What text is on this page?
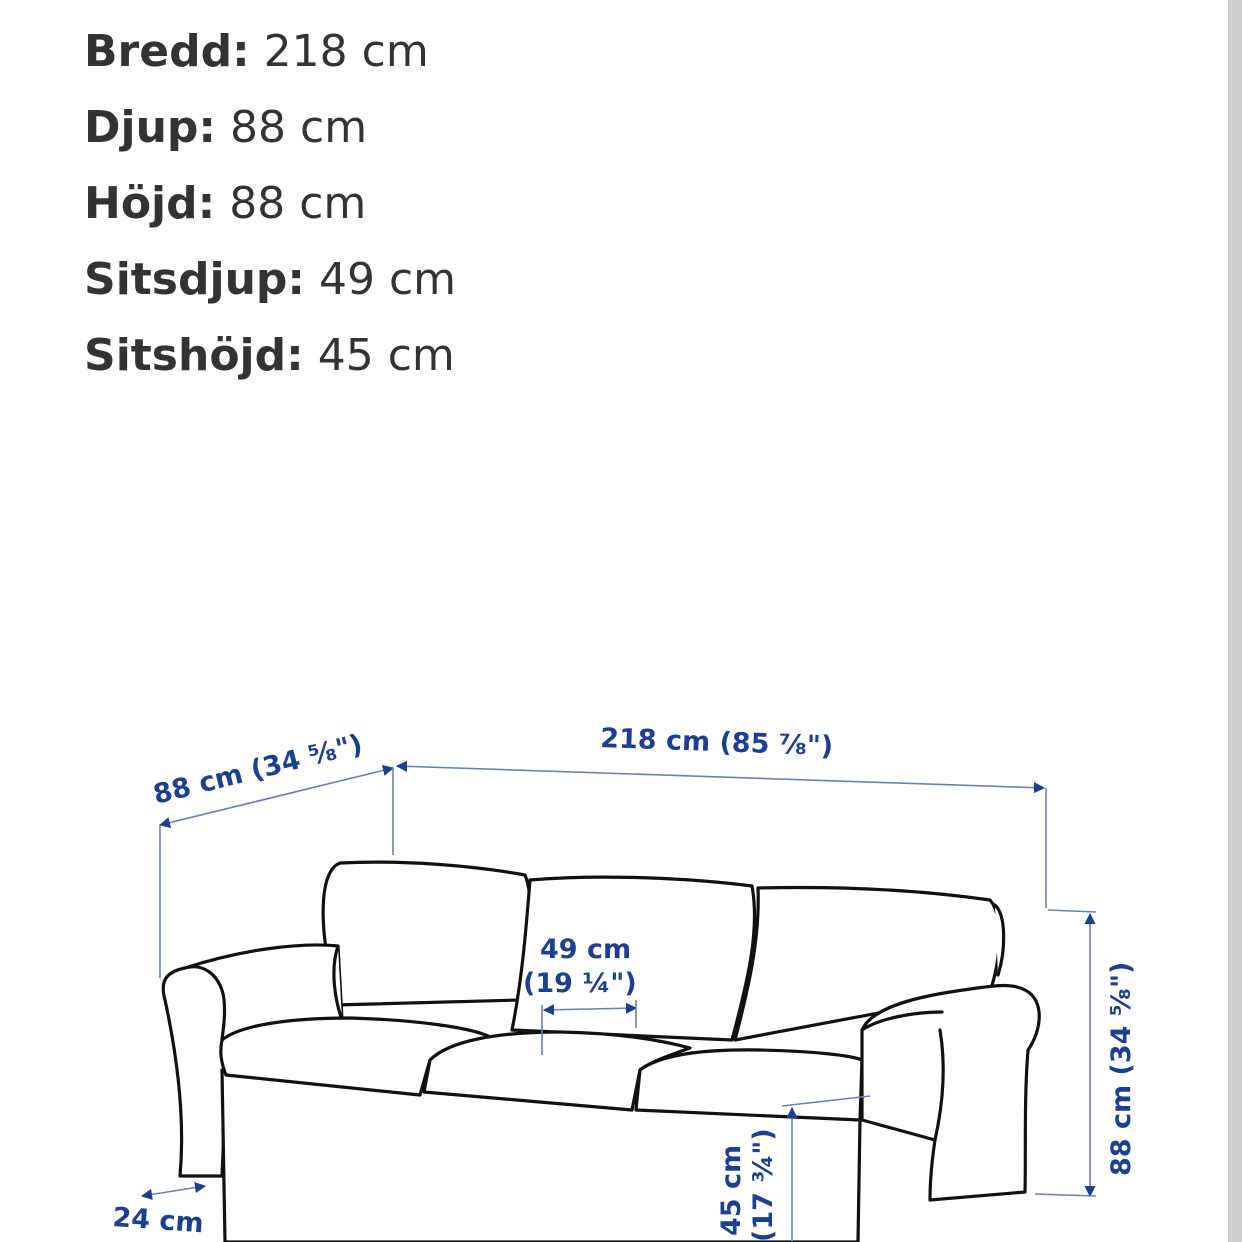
Bredd: 218 cm
Djup: 88 cm
Höjd: 88 cm
Sitsdjup: 49 cm
Sitshöjd: 45 cm
88 cm (34 ⁵⁄₈")	218 cm (85 ⅞")
88 cm (34 ⁵⁄₈")
49 cm
(19 ¼")
45 cm (17 ¾")
24 cm
